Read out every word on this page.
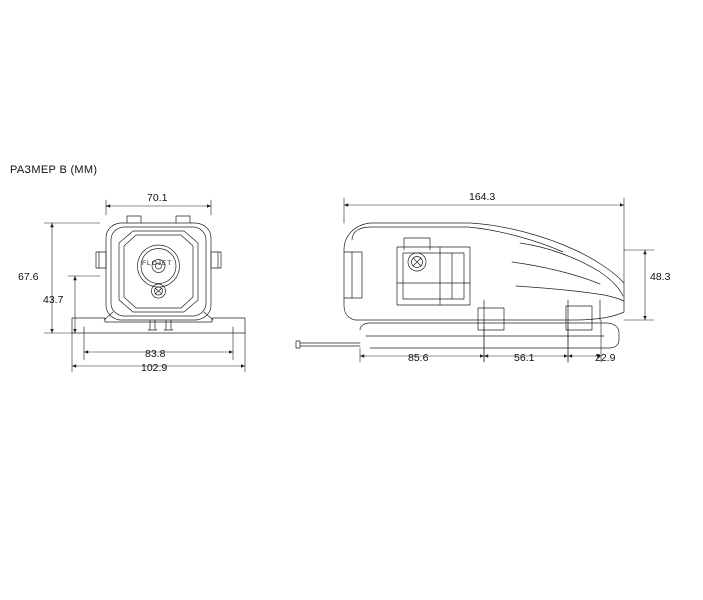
РАЗМЕР В (ММ)
70.1
67.6
43.7
83.8
102.9
164.3
48.3
85.6	56.1	22.9
FLOJET
